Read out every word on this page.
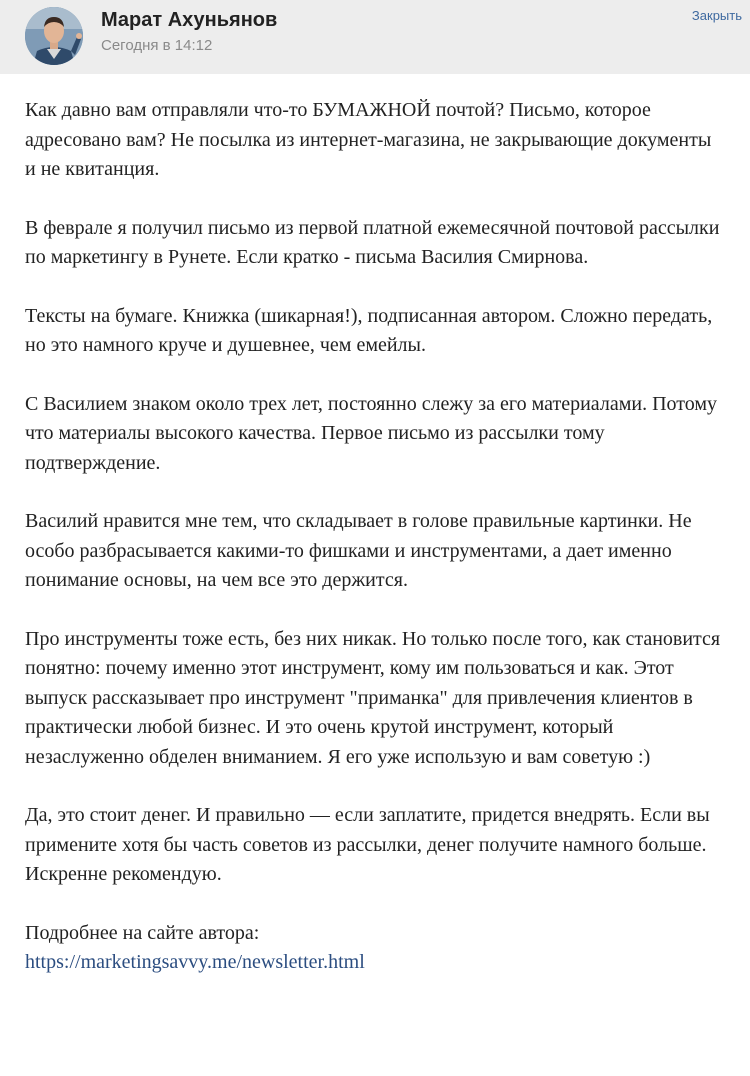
Марат Ахуньянов
Сегодня в 14:12
Закрыть

Как давно вам отправляли что-то БУМАЖНОЙ почтой? Письмо, которое адресовано вам? Не посылка из интернет-магазина, не закрывающие документы и не квитанция.

В феврале я получил письмо из первой платной ежемесячной почтовой рассылки по маркетингу в Рунете. Если кратко - письма Василия Смирнова.

Тексты на бумаге. Книжка (шикарная!), подписанная автором. Сложно передать, но это намного круче и душевнее, чем емейлы.

С Василием знаком около трех лет, постоянно слежу за его материалами. Потому что материалы высокого качества. Первое письмо из рассылки тому подтверждение.

Василий нравится мне тем, что складывает в голове правильные картинки. Не особо разбрасывается какими-то фишками и инструментами, а дает именно понимание основы, на чем все это держится.

Про инструменты тоже есть, без них никак. Но только после того, как становится понятно: почему именно этот инструмент, кому им пользоваться и как. Этот выпуск рассказывает про инструмент "приманка" для привлечения клиентов в практически любой бизнес. И это очень крутой инструмент, который незаслуженно обделен вниманием. Я его уже использую и вам советую :)

Да, это стоит денег. И правильно — если заплатите, придется внедрять. Если вы примените хотя бы часть советов из рассылки, денег получите намного больше. Искренне рекомендую.

Подробнее на сайте автора:
https://marketingsavvy.me/newsletter.html
